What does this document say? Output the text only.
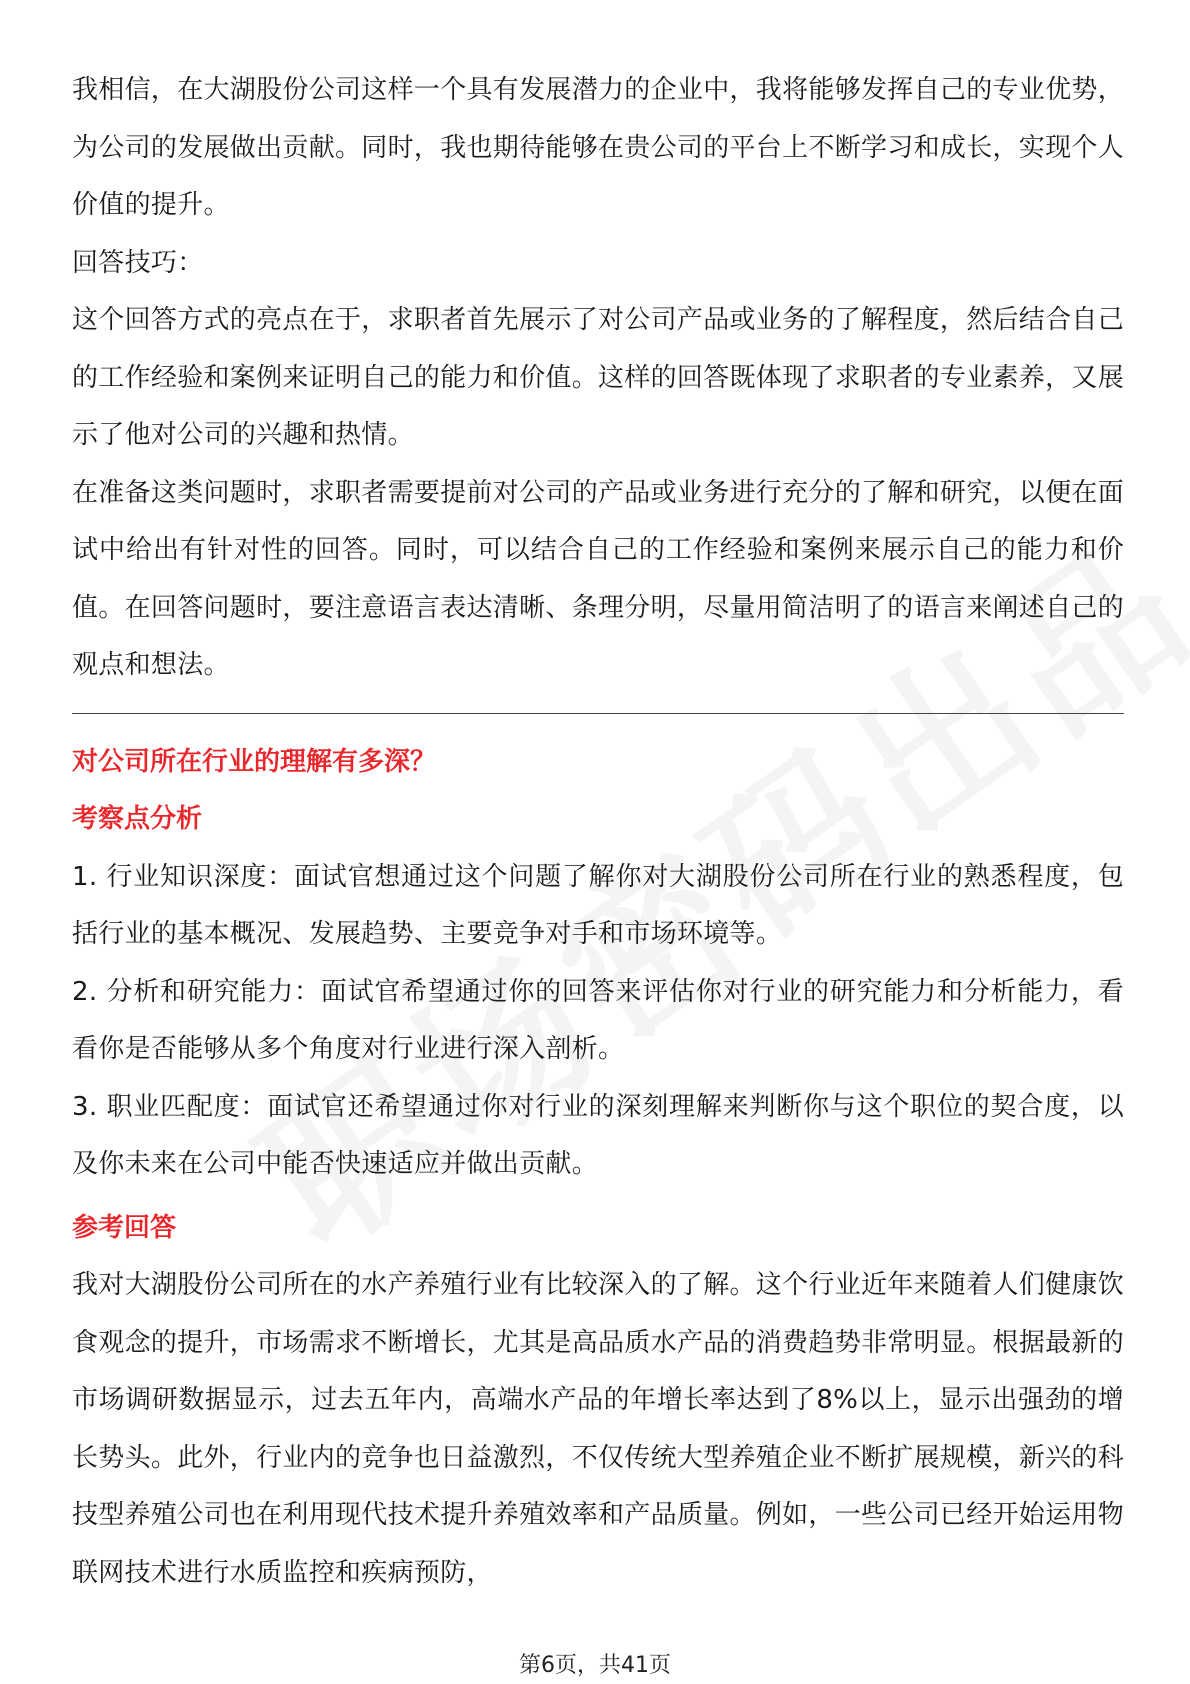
我相信，在大湖股份公司这样一个具有发展潜力的企业中，我将能够发挥自己的专业优势，为公司的发展做出贡献。同时，我也期待能够在贵公司的平台上不断学习和成长，实现个人价值的提升。

回答技巧：

这个回答方式的亮点在于，求职者首先展示了对公司产品或业务的了解程度，然后结合自己的工作经验和案例来证明自己的能力和价值。这样的回答既体现了求职者的专业素养，又展示了他对公司的兴趣和热情。

在准备这类问题时，求职者需要提前对公司的产品或业务进行充分的了解和研究，以便在面试中给出有针对性的回答。同时，可以结合自己的工作经验和案例来展示自己的能力和价值。在回答问题时，要注意语言表达清晰、条理分明，尽量用简洁明了的语言来阐述自己的观点和想法。

对公司所在行业的理解有多深？

考察点分析

1. 行业知识深度：面试官想通过这个问题了解你对大湖股份公司所在行业的熟悉程度，包括行业的基本概况、发展趋势、主要竞争对手和市场环境等。

2. 分析和研究能力：面试官希望通过你的回答来评估你对行业的研究能力和分析能力，看看你是否能够从多个角度对行业进行深入剖析。

3. 职业匹配度：面试官还希望通过你对行业的深刻理解来判断你与这个职位的契合度，以及你未来在公司中能否快速适应并做出贡献。

参考回答

我对大湖股份公司所在的水产养殖行业有比较深入的了解。这个行业近年来随着人们健康饮食观念的提升，市场需求不断增长，尤其是高品质水产品的消费趋势非常明显。根据最新的市场调研数据显示，过去五年内，高端水产品的年增长率达到了8%以上，显示出强劲的增长势头。此外，行业内的竞争也日益激烈，不仅传统大型养殖企业不断扩展规模，新兴的科技型养殖公司也在利用现代技术提升养殖效率和产品质量。例如，一些公司已经开始运用物联网技术进行水质监控和疾病预防，

第6页，共41页
